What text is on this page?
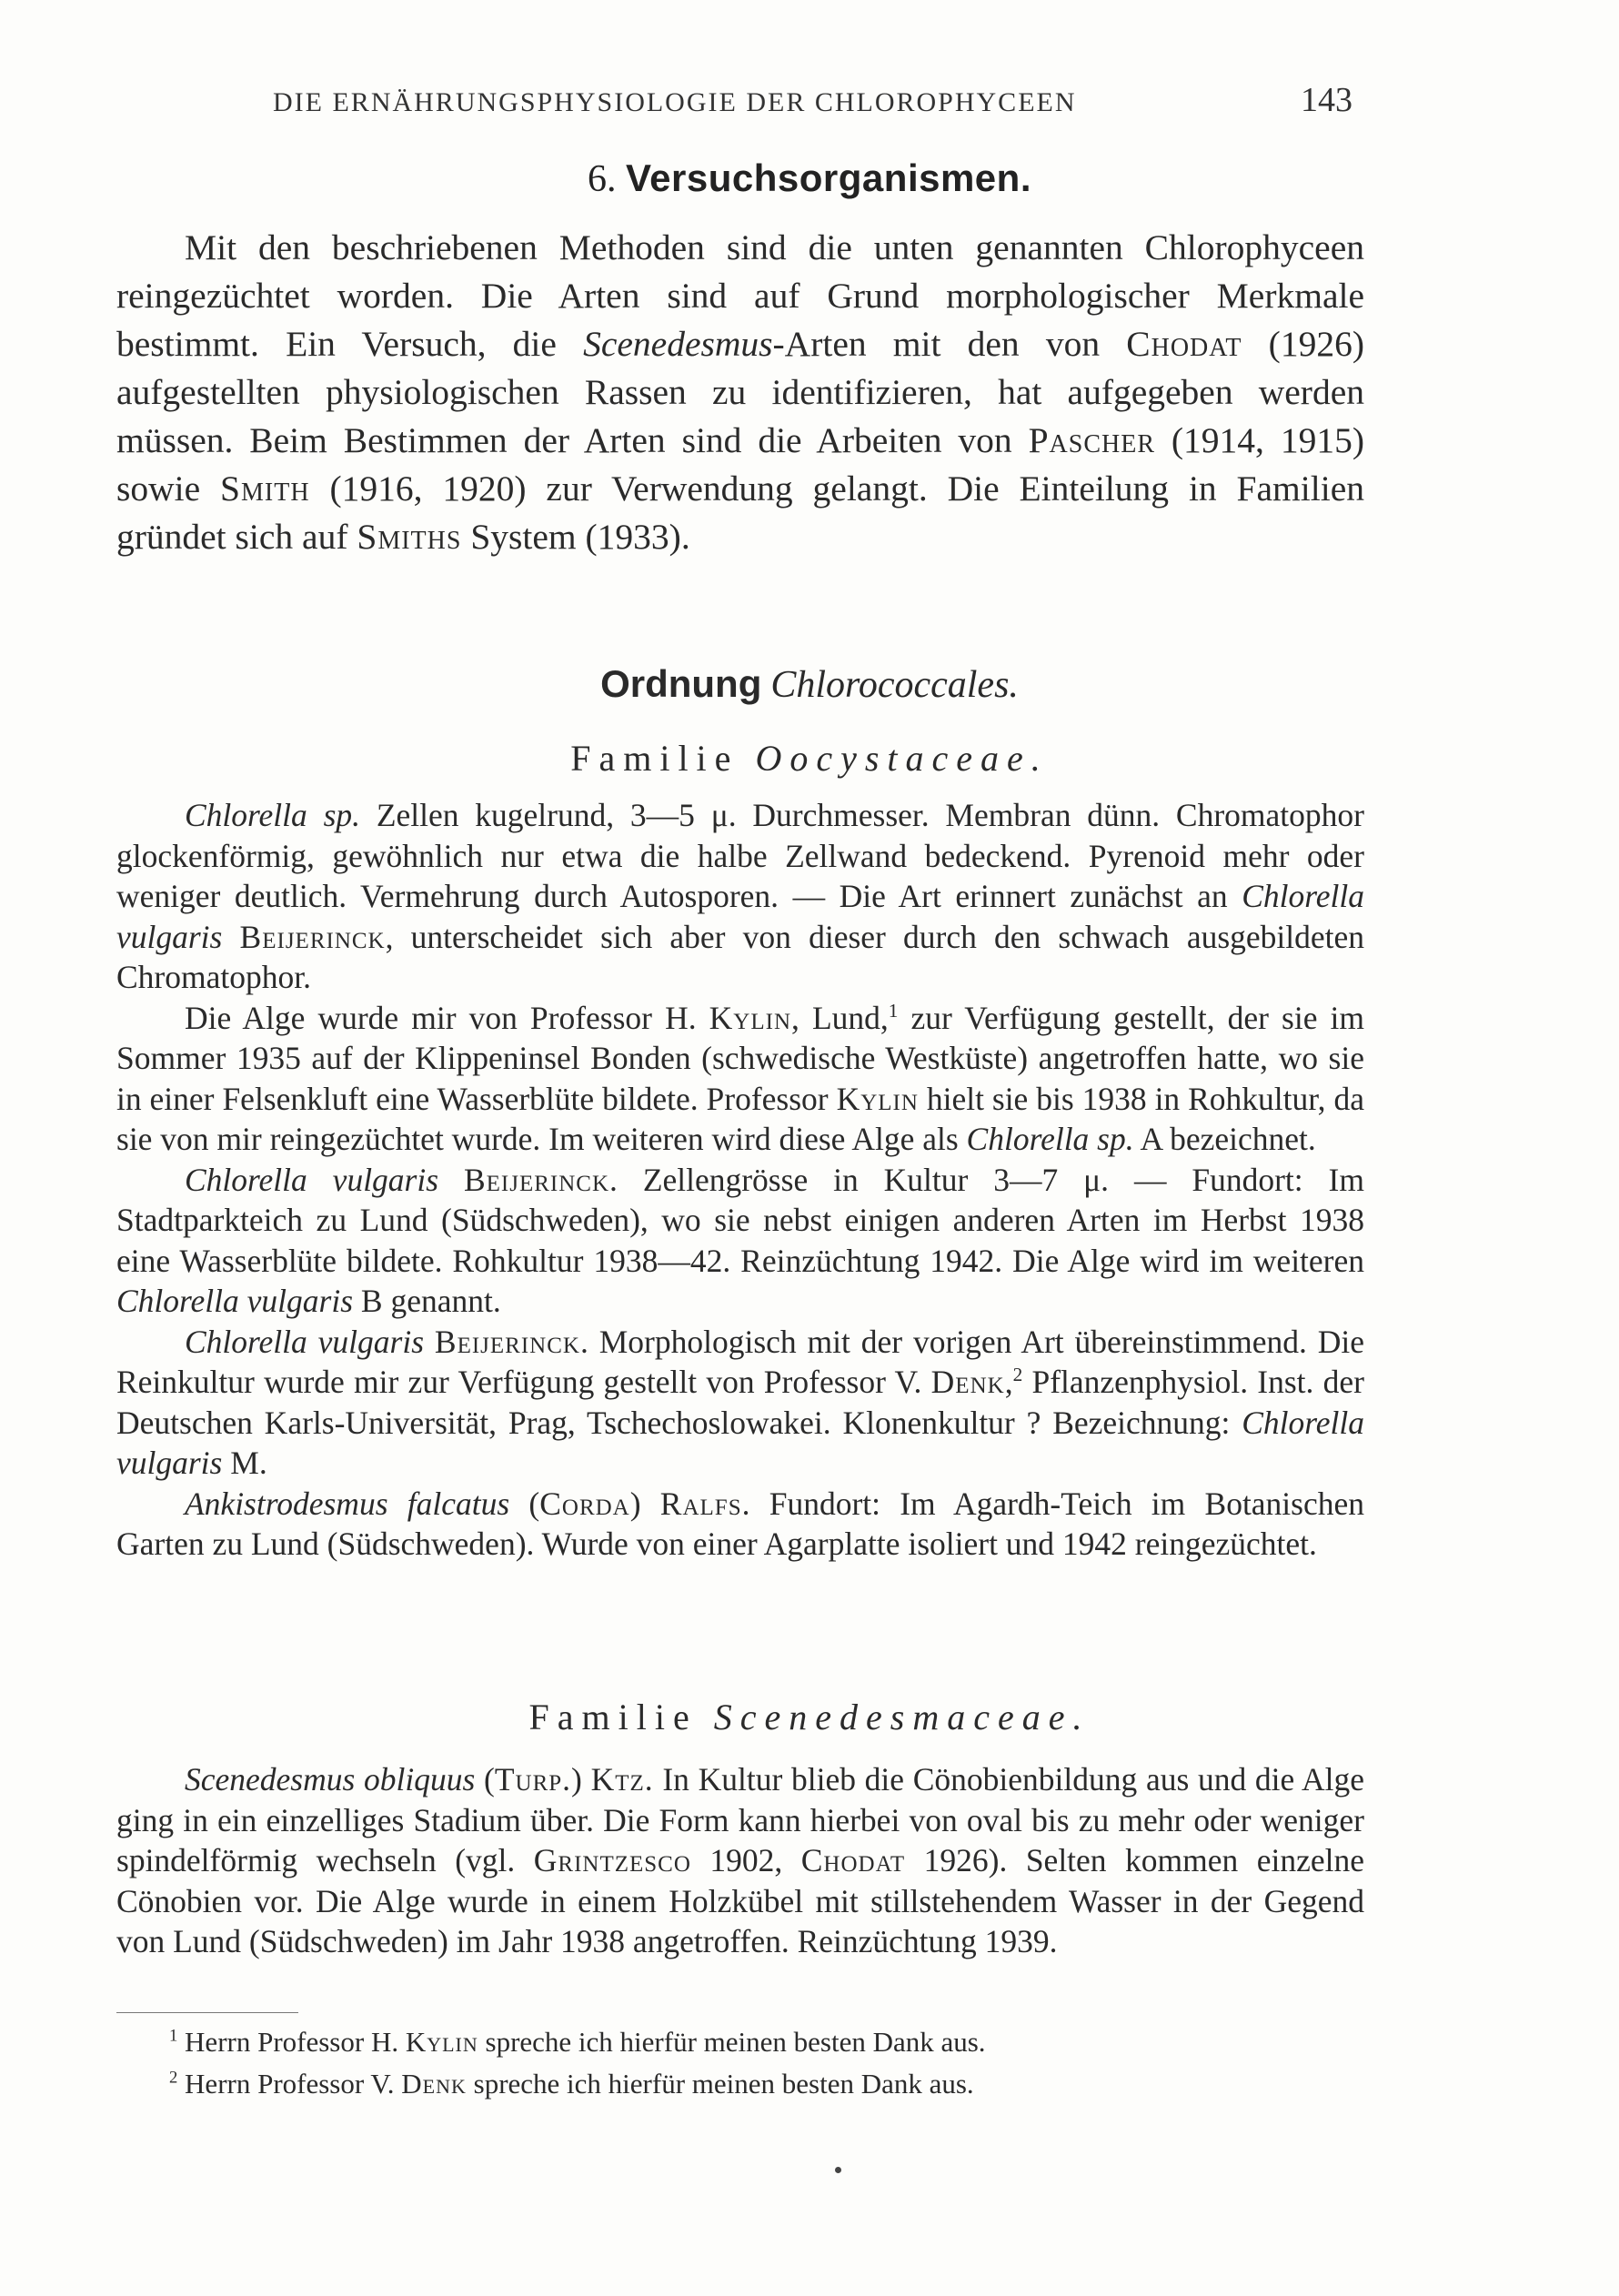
DIE ERNÄHRUNGSPHYSIOLOGIE DER CHLOROPHYCEEN	143
6. Versuchsorganismen.

Mit den beschriebenen Methoden sind die unten genannten Chlorophyceen reingezüchtet worden. Die Arten sind auf Grund morphologischer Merkmale bestimmt. Ein Versuch, die Scenedesmus-Arten mit den von Chodat (1926) aufgestellten physiologischen Rassen zu identifizieren, hat aufgegeben werden müssen. Beim Bestimmen der Arten sind die Arbeiten von Pascher (1914, 1915) sowie Smith (1916, 1920) zur Verwendung gelangt. Die Einteilung in Familien gründet sich auf Smiths System (1933).

Ordnung Chlorococcales.
Familie Oocystaceae.

Chlorella sp. Zellen kugelrund, 3—5 μ. Durchmesser. Membran dünn. Chromatophor glockenförmig, gewöhnlich nur etwa die halbe Zellwand bedeckend. Pyrenoid mehr oder weniger deutlich. Vermehrung durch Autosporen. — Die Art erinnert zunächst an Chlorella vulgaris Beijerinck, unterscheidet sich aber von dieser durch den schwach ausgebildeten Chromatophor.

Die Alge wurde mir von Professor H. Kylin, Lund,$^1$ zur Verfügung gestellt, der sie im Sommer 1935 auf der Klippeninsel Bonden (schwedische Westküste) angetroffen hatte, wo sie in einer Felsenkluft eine Wasserblüte bildete. Professor Kylin hielt sie bis 1938 in Rohkultur, da sie von mir reingezüchtet wurde. Im weiteren wird diese Alge als Chlorella sp. A bezeichnet.

Chlorella vulgaris Beijerinck. Zellengrösse in Kultur 3—7 μ. — Fundort: Im Stadtparkteich zu Lund (Südschweden), wo sie nebst einigen anderen Arten im Herbst 1938 eine Wasserblüte bildete. Rohkultur 1938—42. Reinzüchtung 1942. Die Alge wird im weiteren Chlorella vulgaris B genannt.

Chlorella vulgaris Beijerinck. Morphologisch mit der vorigen Art übereinstimmend. Die Reinkultur wurde mir zur Verfügung gestellt von Professor V. Denk,$^2$ Pflanzenphysiol. Inst. der Deutschen Karls-Universität, Prag, Tschechoslowakei. Klonenkultur ? Bezeichnung: Chlorella vulgaris M.

Ankistrodesmus falcatus (Corda) Ralfs. Fundort: Im Agardh-Teich im Botanischen Garten zu Lund (Südschweden). Wurde von einer Agarplatte isoliert und 1942 reingezüchtet.

Familie Scenedesmaceae.

Scenedesmus obliquus (Turp.) Ktz. In Kultur blieb die Cönobienbildung aus und die Alge ging in ein einzelliges Stadium über. Die Form kann hierbei von oval bis zu mehr oder weniger spindelförmig wechseln (vgl. Grintzesco 1902, Chodat 1926). Selten kommen einzelne Cönobien vor. Die Alge wurde in einem Holzkübel mit stillstehendem Wasser in der Gegend von Lund (Südschweden) im Jahr 1938 angetroffen. Reinzüchtung 1939.

$^1$ Herrn Professor H. Kylin spreche ich hierfür meinen besten Dank aus.
$^2$ Herrn Professor V. Denk spreche ich hierfür meinen besten Dank aus.
